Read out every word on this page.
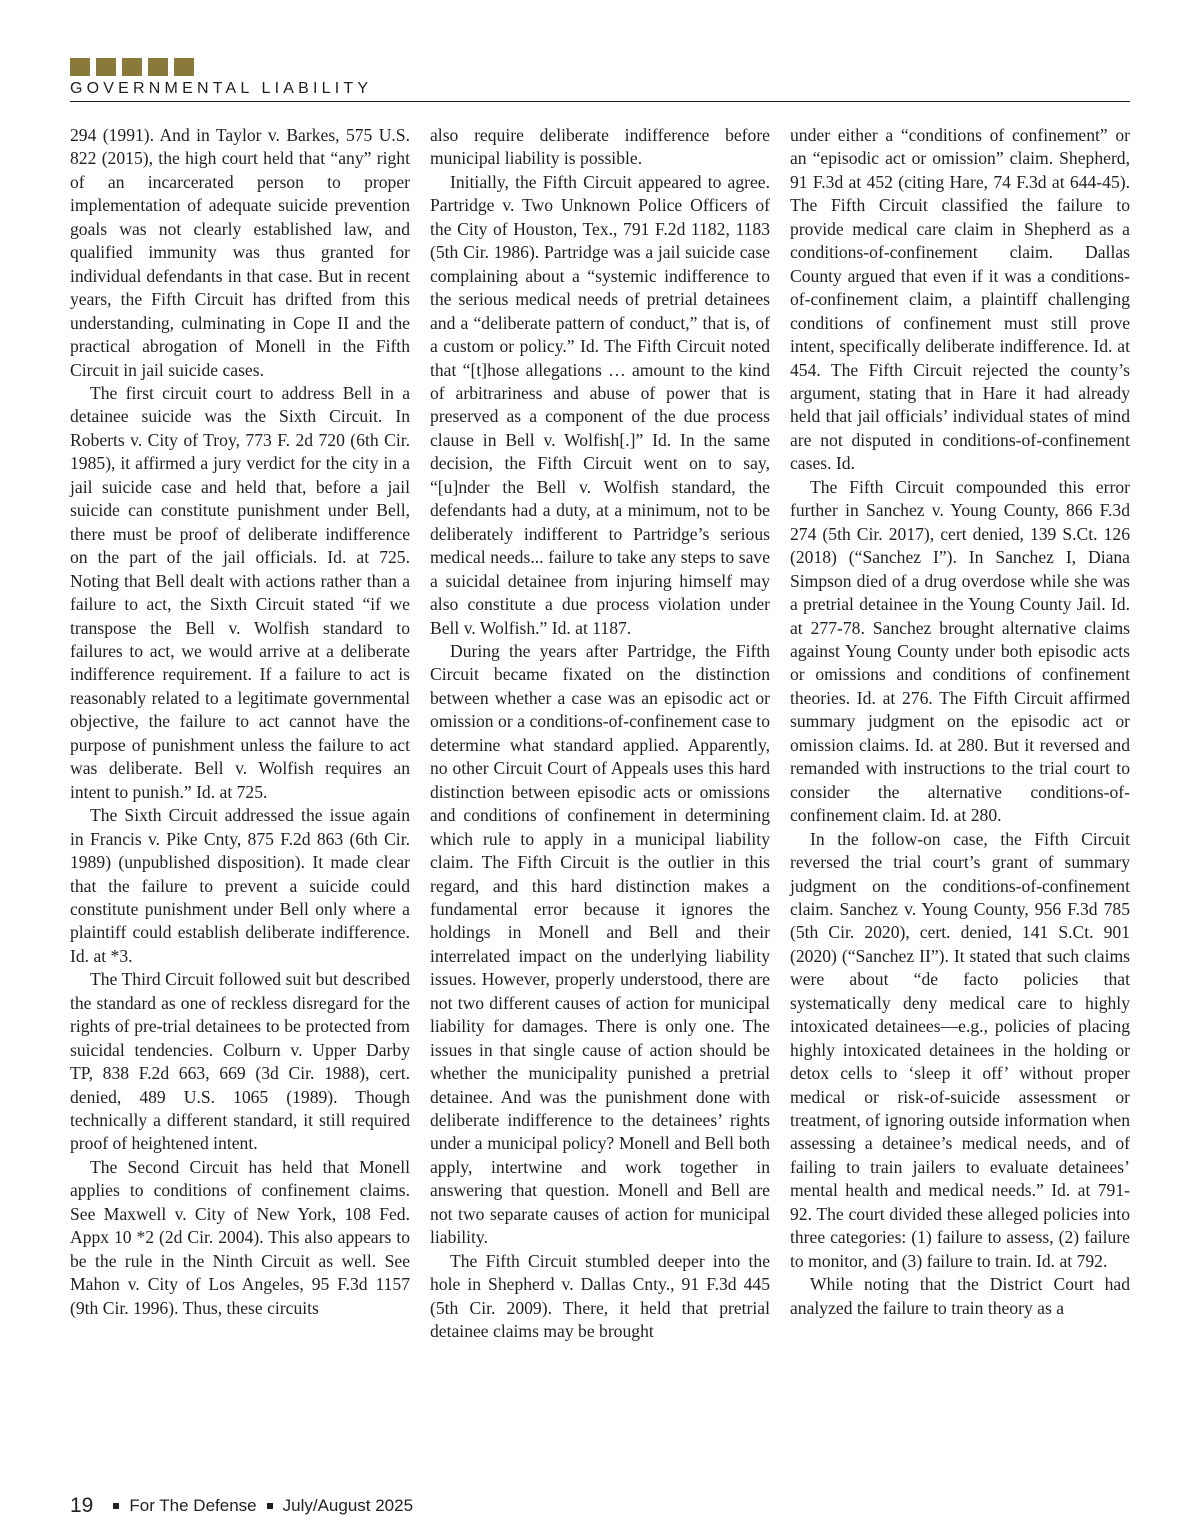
GOVERNMENTAL LIABILITY

294 (1991). And in Taylor v. Barkes, 575 U.S. 822 (2015), the high court held that “any” right of an incarcerated person to proper implementation of adequate suicide prevention goals was not clearly established law, and qualified immunity was thus granted for individual defendants in that case. But in recent years, the Fifth Circuit has drifted from this understanding, culminating in Cope II and the practical abrogation of Monell in the Fifth Circuit in jail suicide cases.

The first circuit court to address Bell in a detainee suicide was the Sixth Circuit. In Roberts v. City of Troy, 773 F. 2d 720 (6th Cir. 1985), it affirmed a jury verdict for the city in a jail suicide case and held that, before a jail suicide can constitute punishment under Bell, there must be proof of deliberate indifference on the part of the jail officials. Id. at 725. Noting that Bell dealt with actions rather than a failure to act, the Sixth Circuit stated “if we transpose the Bell v. Wolfish standard to failures to act, we would arrive at a deliberate indifference requirement. If a failure to act is reasonably related to a legitimate governmental objective, the failure to act cannot have the purpose of punishment unless the failure to act was deliberate. Bell v. Wolfish requires an intent to punish.” Id. at 725.

The Sixth Circuit addressed the issue again in Francis v. Pike Cnty, 875 F.2d 863 (6th Cir. 1989) (unpublished disposition). It made clear that the failure to prevent a suicide could constitute punishment under Bell only where a plaintiff could establish deliberate indifference. Id. at *3.

The Third Circuit followed suit but described the standard as one of reckless disregard for the rights of pre-trial detainees to be protected from suicidal tendencies. Colburn v. Upper Darby TP, 838 F.2d 663, 669 (3d Cir. 1988), cert. denied, 489 U.S. 1065 (1989). Though technically a different standard, it still required proof of heightened intent.

The Second Circuit has held that Monell applies to conditions of confinement claims. See Maxwell v. City of New York, 108 Fed. Appx 10 *2 (2d Cir. 2004). This also appears to be the rule in the Ninth Circuit as well. See Mahon v. City of Los Angeles, 95 F.3d 1157 (9th Cir. 1996). Thus, these circuits

also require deliberate indifference before municipal liability is possible.

Initially, the Fifth Circuit appeared to agree. Partridge v. Two Unknown Police Officers of the City of Houston, Tex., 791 F.2d 1182, 1183 (5th Cir. 1986). Partridge was a jail suicide case complaining about a “systemic indifference to the serious medical needs of pretrial detainees and a “deliberate pattern of conduct,” that is, of a custom or policy.” Id. The Fifth Circuit noted that “[t]hose allegations … amount to the kind of arbitrariness and abuse of power that is preserved as a component of the due process clause in Bell v. Wolfish[.]” Id. In the same decision, the Fifth Circuit went on to say, “[u]nder the Bell v. Wolfish standard, the defendants had a duty, at a minimum, not to be deliberately indifferent to Partridge’s serious medical needs... failure to take any steps to save a suicidal detainee from injuring himself may also constitute a due process violation under Bell v. Wolfish.” Id. at 1187.

During the years after Partridge, the Fifth Circuit became fixated on the distinction between whether a case was an episodic act or omission or a conditions-of-confinement case to determine what standard applied. Apparently, no other Circuit Court of Appeals uses this hard distinction between episodic acts or omissions and conditions of confinement in determining which rule to apply in a municipal liability claim. The Fifth Circuit is the outlier in this regard, and this hard distinction makes a fundamental error because it ignores the holdings in Monell and Bell and their interrelated impact on the underlying liability issues. However, properly understood, there are not two different causes of action for municipal liability for damages. There is only one. The issues in that single cause of action should be whether the municipality punished a pretrial detainee. And was the punishment done with deliberate indifference to the detainees’ rights under a municipal policy? Monell and Bell both apply, intertwine and work together in answering that question. Monell and Bell are not two separate causes of action for municipal liability.

The Fifth Circuit stumbled deeper into the hole in Shepherd v. Dallas Cnty., 91 F.3d 445 (5th Cir. 2009). There, it held that pretrial detainee claims may be brought

under either a “conditions of confinement” or an “episodic act or omission” claim. Shepherd, 91 F.3d at 452 (citing Hare, 74 F.3d at 644-45). The Fifth Circuit classified the failure to provide medical care claim in Shepherd as a conditions-of-confinement claim. Dallas County argued that even if it was a conditions-of-confinement claim, a plaintiff challenging conditions of confinement must still prove intent, specifically deliberate indifference. Id. at 454. The Fifth Circuit rejected the county’s argument, stating that in Hare it had already held that jail officials’ individual states of mind are not disputed in conditions-of-confinement cases. Id.

The Fifth Circuit compounded this error further in Sanchez v. Young County, 866 F.3d 274 (5th Cir. 2017), cert denied, 139 S.Ct. 126 (2018) (“Sanchez I”). In Sanchez I, Diana Simpson died of a drug overdose while she was a pretrial detainee in the Young County Jail. Id. at 277-78. Sanchez brought alternative claims against Young County under both episodic acts or omissions and conditions of confinement theories. Id. at 276. The Fifth Circuit affirmed summary judgment on the episodic act or omission claims. Id. at 280. But it reversed and remanded with instructions to the trial court to consider the alternative conditions-of-confinement claim. Id. at 280.

In the follow-on case, the Fifth Circuit reversed the trial court’s grant of summary judgment on the conditions-of-confinement claim. Sanchez v. Young County, 956 F.3d 785 (5th Cir. 2020), cert. denied, 141 S.Ct. 901 (2020) (“Sanchez II”). It stated that such claims were about “de facto policies that systematically deny medical care to highly intoxicated detainees—e.g., policies of placing highly intoxicated detainees in the holding or detox cells to ‘sleep it off’ without proper medical or risk-of-suicide assessment or treatment, of ignoring outside information when assessing a detainee’s medical needs, and of failing to train jailers to evaluate detainees’ mental health and medical needs.” Id. at 791-92. The court divided these alleged policies into three categories: (1) failure to assess, (2) failure to monitor, and (3) failure to train. Id. at 792.

While noting that the District Court had analyzed the failure to train theory as a

19 For The Defense July/August 2025
